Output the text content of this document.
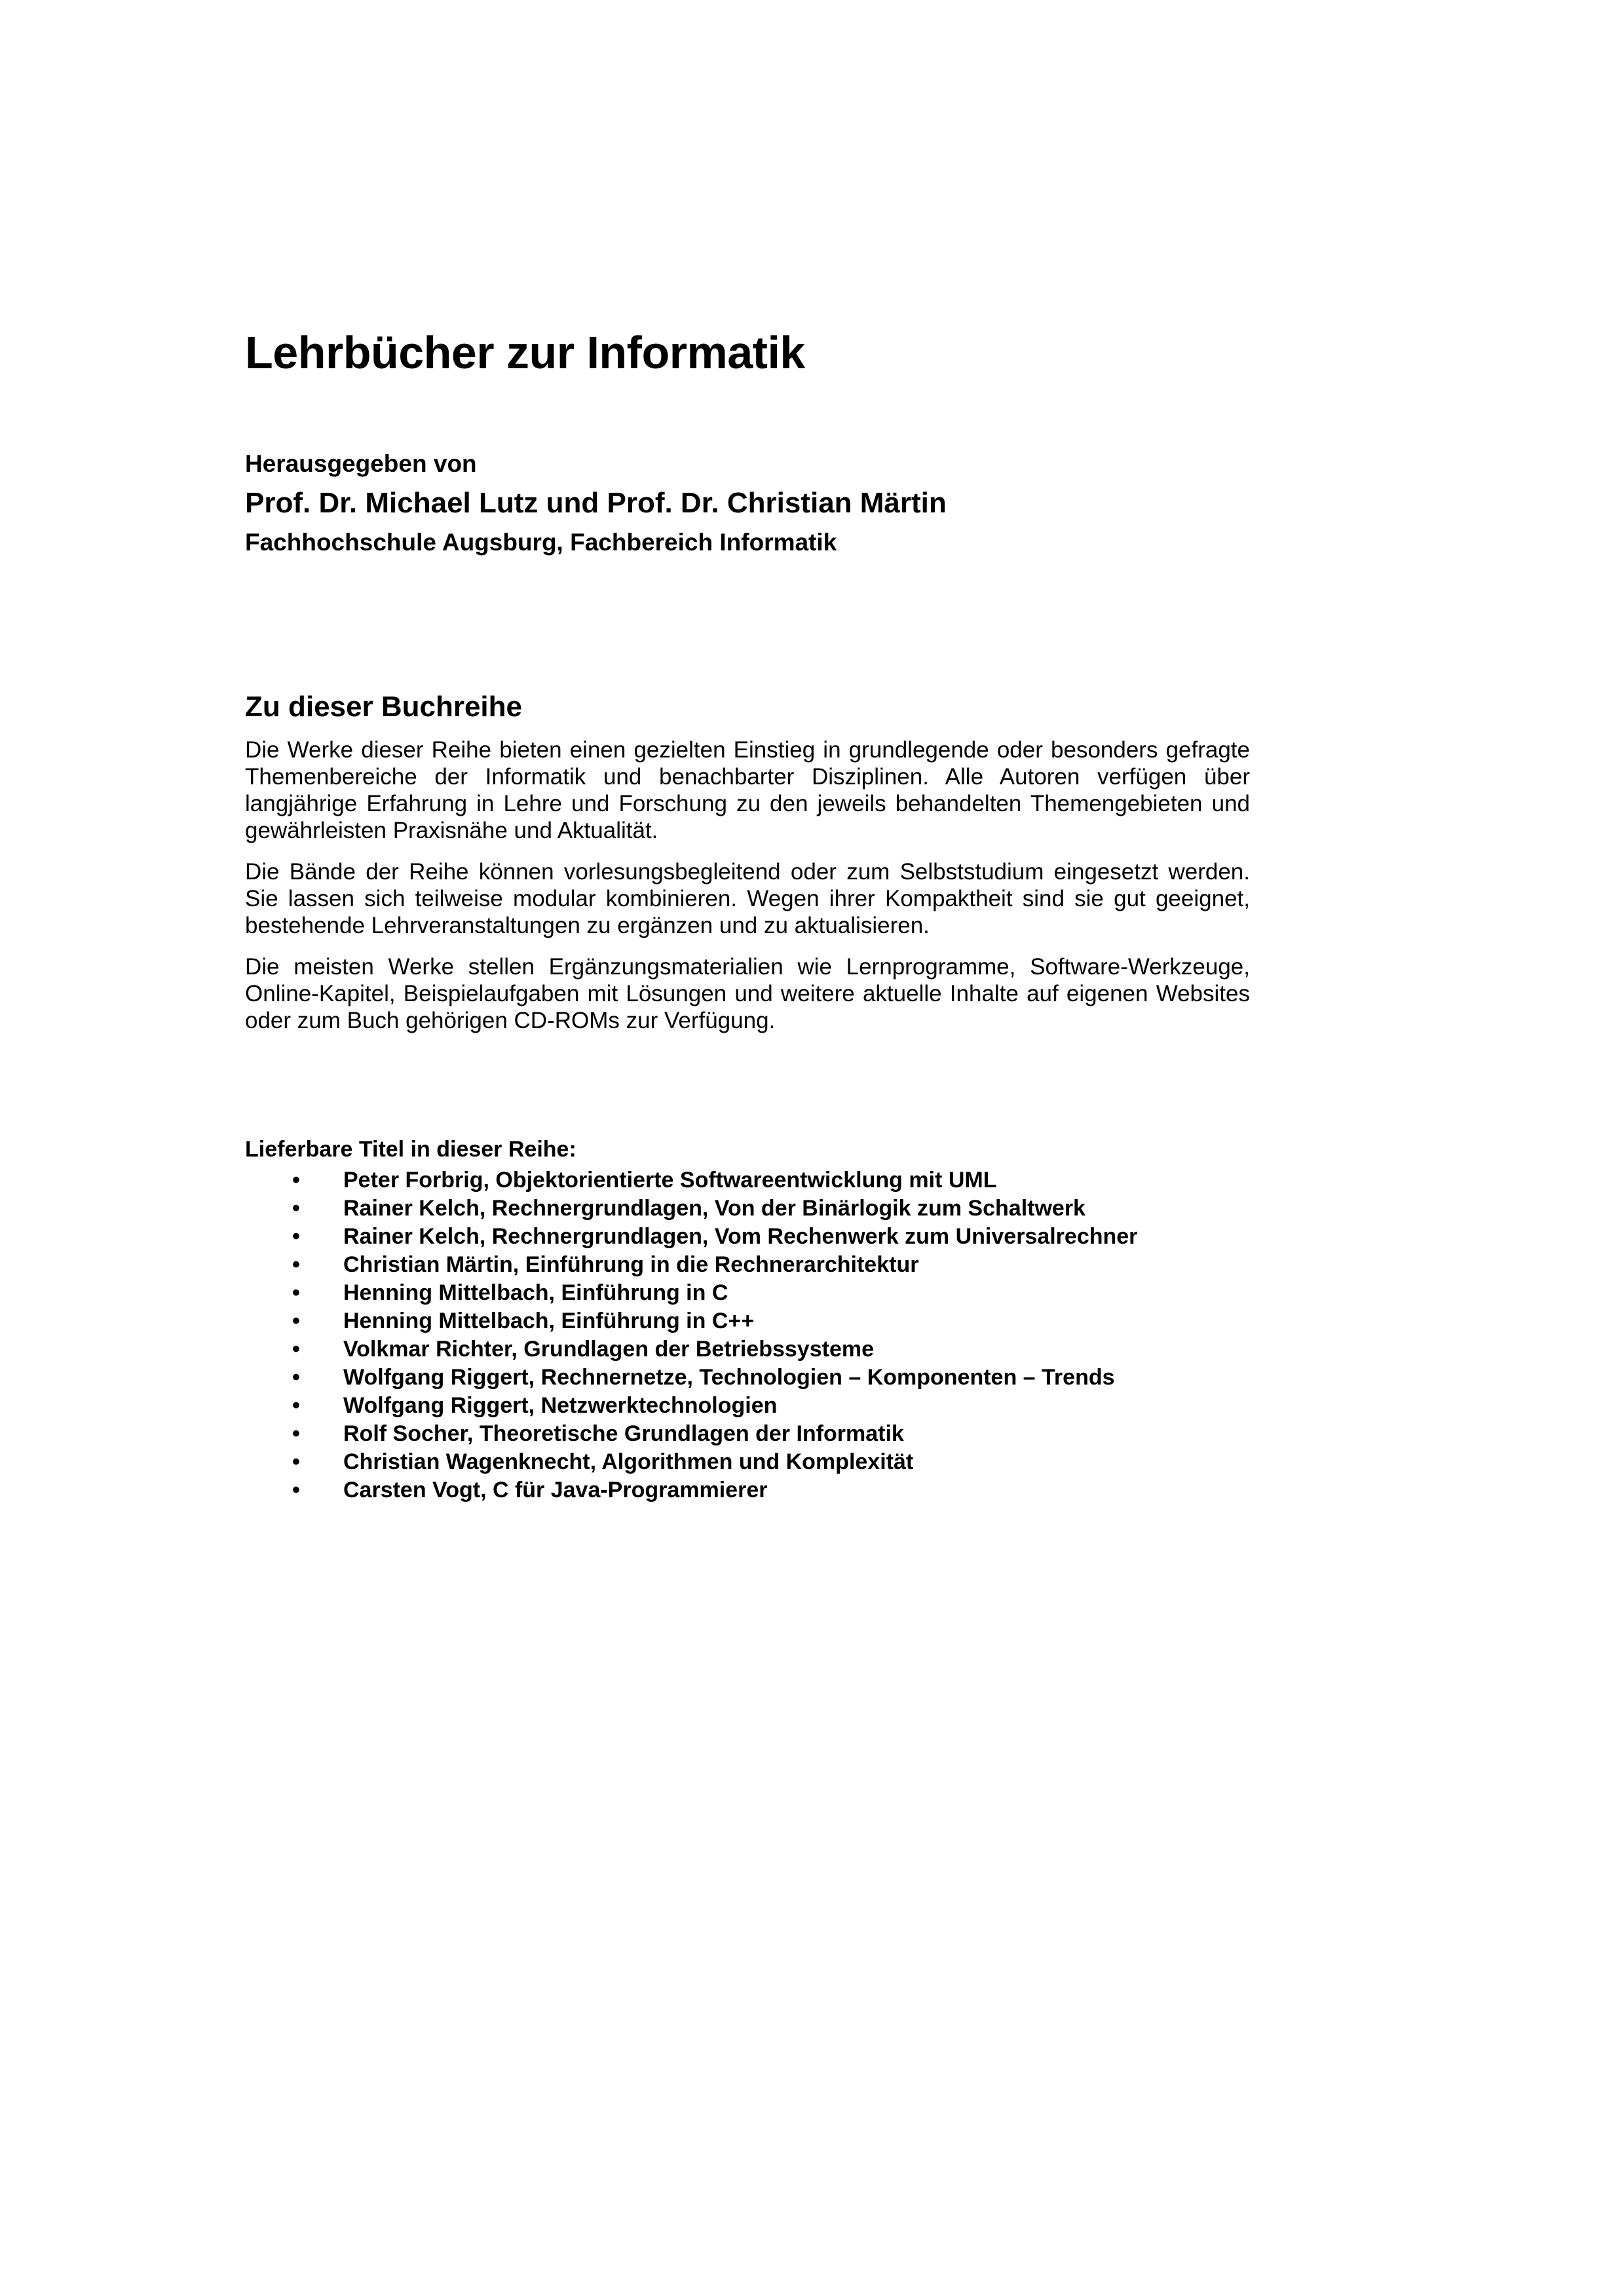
Lehrbücher zur Informatik

Herausgegeben von

Prof. Dr. Michael Lutz und Prof. Dr. Christian Märtin

Fachhochschule Augsburg, Fachbereich Informatik

Zu dieser Buchreihe

Die Werke dieser Reihe bieten einen gezielten Einstieg in grundlegende oder besonders gefragte Themenbereiche der Informatik und benachbarter Disziplinen. Alle Autoren verfügen über langjährige Erfahrung in Lehre und Forschung zu den jeweils behandelten Themengebieten und gewährleisten Praxisnähe und Aktualität.

Die Bände der Reihe können vorlesungsbegleitend oder zum Selbststudium eingesetzt werden. Sie lassen sich teilweise modular kombinieren. Wegen ihrer Kompaktheit sind sie gut geeignet, bestehende Lehrveranstaltungen zu ergänzen und zu aktualisieren.

Die meisten Werke stellen Ergänzungsmaterialien wie Lernprogramme, Software-Werkzeuge, Online-Kapitel, Beispielaufgaben mit Lösungen und weitere aktuelle Inhalte auf eigenen Websites oder zum Buch gehörigen CD-ROMs zur Verfügung.

Lieferbare Titel in dieser Reihe:
• Peter Forbrig, Objektorientierte Softwareentwicklung mit UML
• Rainer Kelch, Rechnergrundlagen, Von der Binärlogik zum Schaltwerk
• Rainer Kelch, Rechnergrundlagen, Vom Rechenwerk zum Universalrechner
• Christian Märtin, Einführung in die Rechnerarchitektur
• Henning Mittelbach, Einführung in C
• Henning Mittelbach, Einführung in C++
• Volkmar Richter, Grundlagen der Betriebssysteme
• Wolfgang Riggert, Rechnernetze, Technologien – Komponenten – Trends
• Wolfgang Riggert, Netzwerktechnologien
• Rolf Socher, Theoretische Grundlagen der Informatik
• Christian Wagenknecht, Algorithmen und Komplexität
• Carsten Vogt, C für Java-Programmierer
